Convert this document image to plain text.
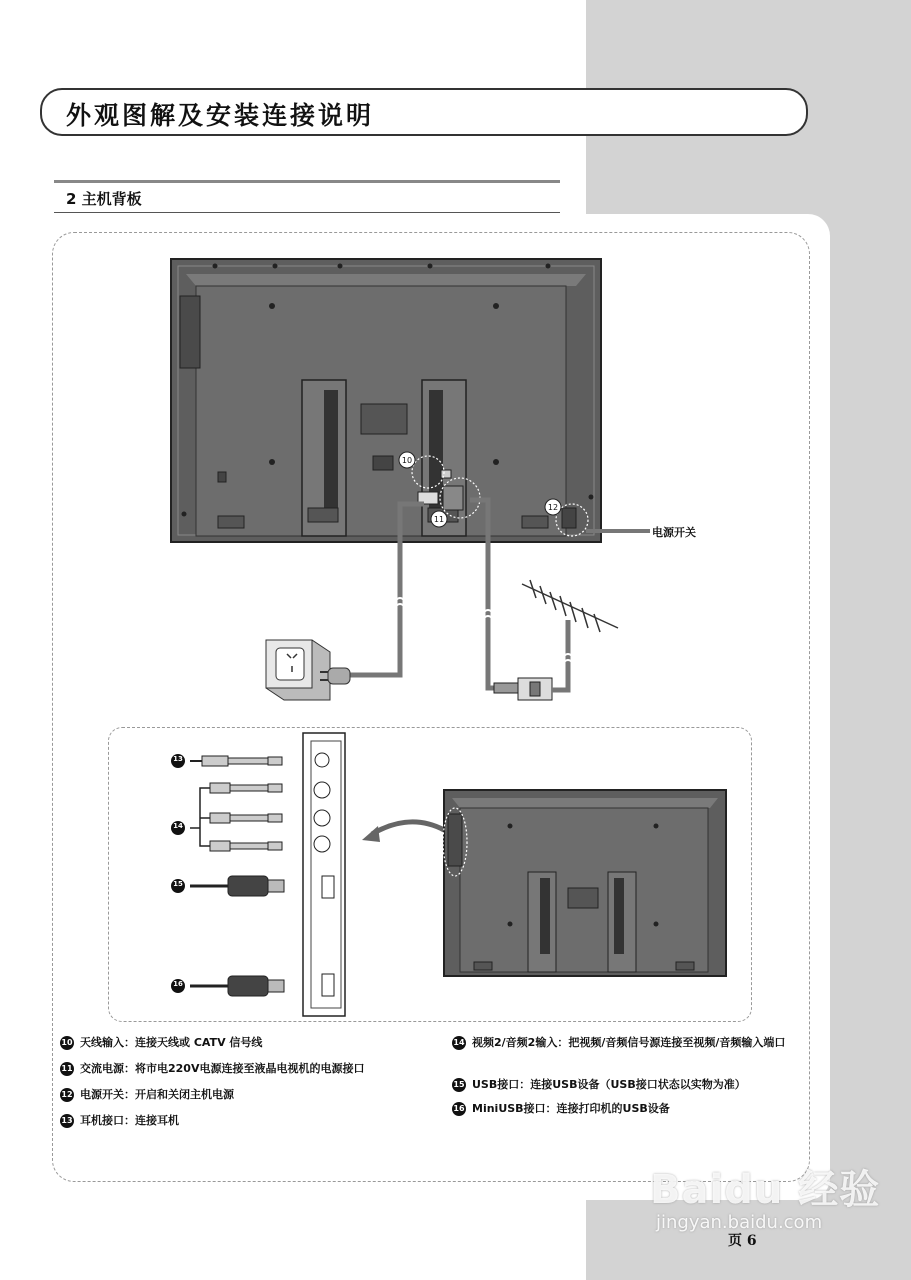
外观图解及安装连接说明
2 主机背板
10
11
12
电源开关
10 天线输入：连接天线或 CATV 信号线
11 交流电源：将市电220V电源连接至液晶电视机的电源接口
12 电源开关：开启和关闭主机电源
13 耳机接口：连接耳机
14 视频2/音频2输入：把视频/音频信号源连接至视频/音频输入端口
15 USB接口：连接USB设备（USB接口状态以实物为准）
16 MiniUSB接口：连接打印机的USB设备
13
14
15
16
Baidu 经验
jingyan.baidu.com
页 6
